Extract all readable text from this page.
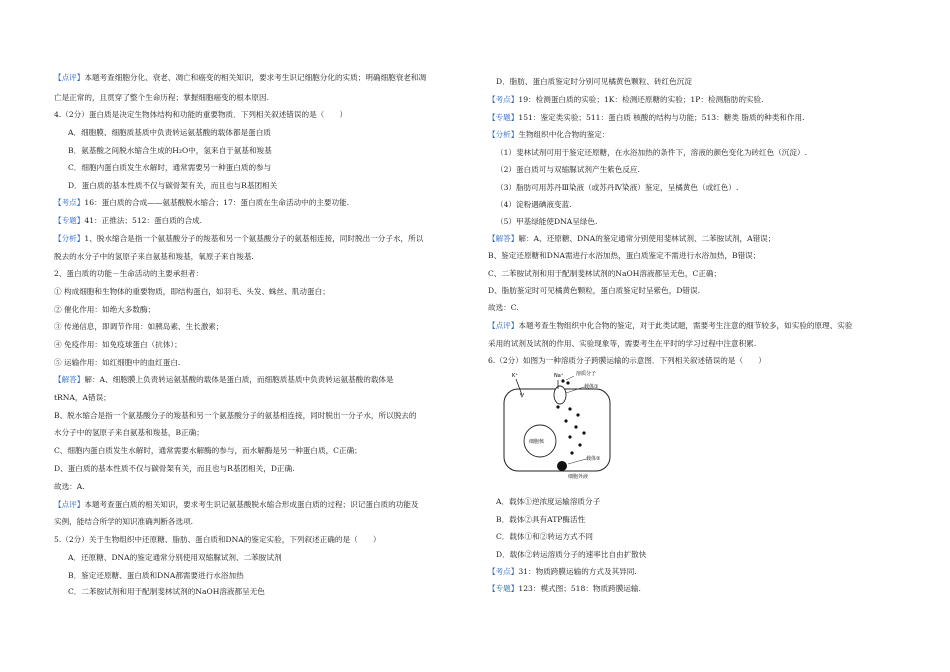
【点评】本题考查细胞分化、衰老、凋亡和癌变的相关知识，要求考生识记细胞分化的实质；明确细胞衰老和凋
亡是正常的，且贯穿了整个生命历程；掌握细胞癌变的根本原因.
4.（2分）蛋白质是决定生物体结构和功能的重要物质．下列相关叙述错误的是（　　）
A．细胞膜、细胞质基质中负责转运氨基酸的载体都是蛋白质
B．氨基酸之间脱水缩合生成的H₂O中，氢来自于氨基和羧基
C．细胞内蛋白质发生水解时，通常需要另一种蛋白质的参与
D．蛋白质的基本性质不仅与碳骨架有关，而且也与R基团相关
【考点】16：蛋白质的合成——氨基酸脱水缩合；17：蛋白质在生命活动中的主要功能.
【专题】41：正推法；512：蛋白质的合成.
【分析】1、脱水缩合是指一个氨基酸分子的羧基和另一个氨基酸分子的氨基相连接，同时脱出一分子水，所以
脱去的水分子中的氢原子来自氨基和羧基，氧原子来自羧基.
2、蛋白质的功能－生命活动的主要承担者：
① 构成细胞和生物体的重要物质，即结构蛋白，如羽毛、头发、蛛丝、肌动蛋白；
② 催化作用：如绝大多数酶；
③ 传递信息，即调节作用：如胰岛素、生长激素；
④ 免疫作用：如免疫球蛋白（抗体）；
⑤ 运输作用：如红细胞中的血红蛋白.
【解答】解：A、细胞膜上负责转运氨基酸的载体是蛋白质，而细胞质基质中负责转运氨基酸的载体是
tRNA，A错误；
B、脱水缩合是指一个氨基酸分子的羧基和另一个氨基酸分子的氨基相连接，同时脱出一分子水，所以脱去的
水分子中的氢原子来自氨基和羧基，B正确；
C、细胞内蛋白质发生水解时，通常需要水解酶的参与，而水解酶是另一种蛋白质，C正确；
D、蛋白质的基本性质不仅与碳骨架有关，而且也与R基团相关，D正确.
故选：A.
【点评】本题考查蛋白质的相关知识，要求考生识记氨基酸脱水缩合形成蛋白质的过程；识记蛋白质的功能及
实例，能结合所学的知识准确判断各选项.
5.（2分）关于生物组织中还原糖、脂肪、蛋白质和DNA的鉴定实验，下列叙述正确的是（　　）
A．还原糖、DNA的鉴定通常分别使用双缩脲试剂、二苯胺试剂
B．鉴定还原糖、蛋白质和DNA都需要进行水浴加热
C．二苯胺试剂和用于配制斐林试剂的NaOH溶液都呈无色
细胞核
载体①
载体②
K⁺	Na⁺	溶质分子
细胞外液
D．脂肪、蛋白质鉴定时分别可见橘黄色颗粒、砖红色沉淀
【考点】19：检测蛋白质的实验；1K：检测还原糖的实验；1P：检测脂肪的实验.
【专题】151：鉴定类实验；511：蛋白质 核酸的结构与功能；513：糖类 脂质的种类和作用.
【分析】生物组织中化合物的鉴定：
（1）斐林试剂可用于鉴定还原糖，在水浴加热的条件下，溶液的颜色变化为砖红色（沉淀）.
（2）蛋白质可与双缩脲试剂产生紫色反应.
（3）脂肪可用苏丹Ⅲ染液（或苏丹Ⅳ染液）鉴定，呈橘黄色（或红色）.
（4）淀粉遇碘液变蓝.
（5）甲基绿能使DNA呈绿色.
【解答】解：A、还原糖、DNA的鉴定通常分别使用斐林试剂、二苯胺试剂，A错误；
B、鉴定还原糖和DNA需进行水浴加热，蛋白质鉴定不需进行水浴加热，B错误；
C、二苯胺试剂和用于配制斐林试剂的NaOH溶液都呈无色，C正确；
D、脂肪鉴定时可见橘黄色颗粒，蛋白质鉴定时呈紫色，D错误.
故选：C.
【点评】本题考查生物组织中化合物的鉴定，对于此类试题，需要考生注意的细节较多，如实验的原理、实验
采用的试剂及试剂的作用、实验现象等，需要考生在平时的学习过程中注意积累.
6.（2分）如图为一种溶质分子跨膜运输的示意图．下列相关叙述错误的是（　　）
A．载体①逆浓度运输溶质分子
B．载体②具有ATP酶活性
C．载体①和②转运方式不同
D．载体②转运溶质分子的速率比自由扩散快
【考点】31：物质跨膜运输的方式及其异同.
【专题】123：模式图；518：物质跨膜运输.
